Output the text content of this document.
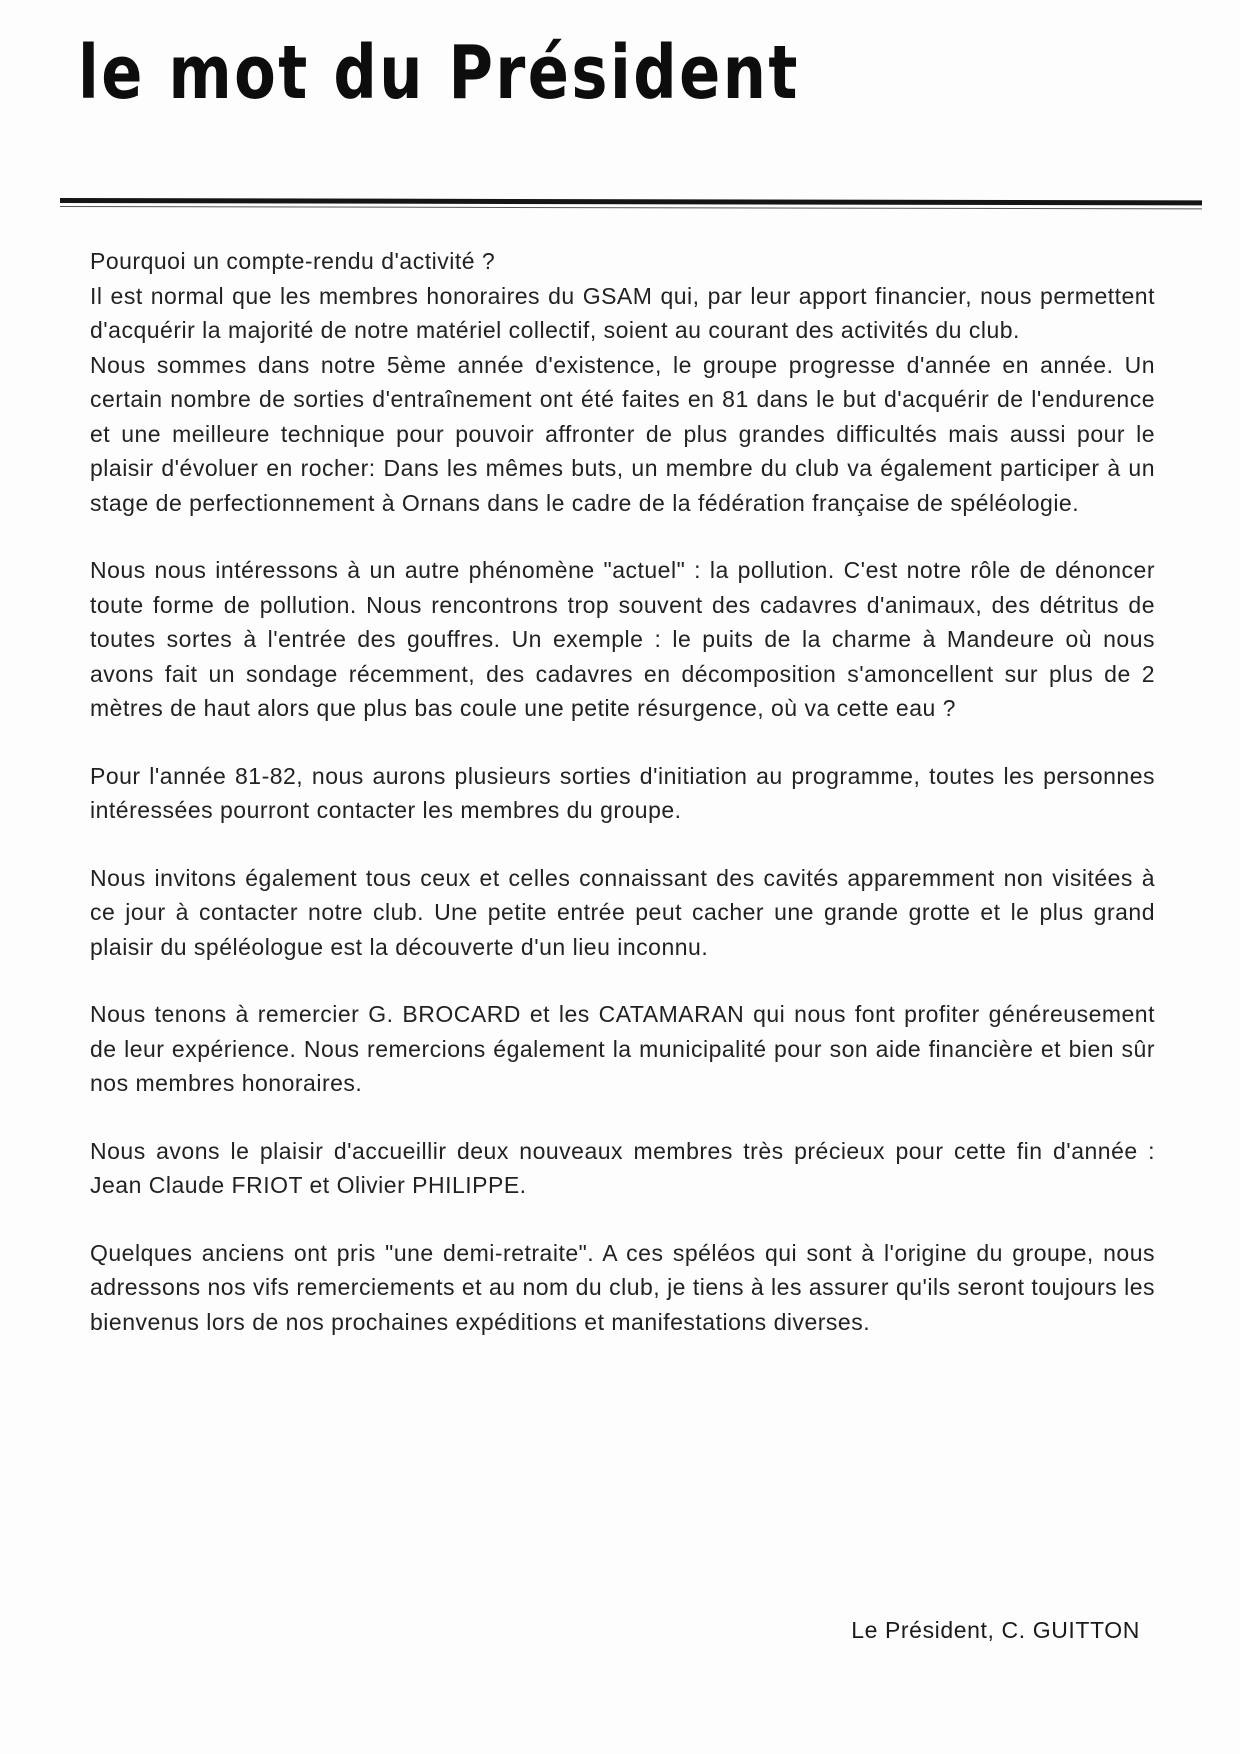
le mot du Président

Pourquoi un compte-rendu d'activité ?

Il est normal que les membres honoraires du GSAM qui, par leur apport financier, nous permettent d'acquérir la majorité de notre matériel collectif, soient au courant des activités du club.

Nous sommes dans notre 5ème année d'existence, le groupe progresse d'année en année. Un certain nombre de sorties d'entraînement ont été faites en 81 dans le but d'acquérir de l'endurence et une meilleure technique pour pouvoir affronter de plus grandes difficultés mais aussi pour le plaisir d'évoluer en rocher: Dans les mêmes buts, un membre du club va également participer à un stage de perfectionnement à Ornans dans le cadre de la fédération française de spéléologie.

Nous nous intéressons à un autre phénomène "actuel" : la pollution. C'est notre rôle de dénoncer toute forme de pollution. Nous rencontrons trop souvent des cadavres d'animaux, des détritus de toutes sortes à l'entrée des gouffres. Un exemple : le puits de la charme à Mandeure où nous avons fait un sondage récemment, des cadavres en décomposition s'amoncellent sur plus de 2 mètres de haut alors que plus bas coule une petite résurgence, où va cette eau ?

Pour l'année 81-82, nous aurons plusieurs sorties d'initiation au programme, toutes les personnes intéressées pourront contacter les membres du groupe.

Nous invitons également tous ceux et celles connaissant des cavités apparemment non visitées à ce jour à contacter notre club. Une petite entrée peut cacher une grande grotte et le plus grand plaisir du spéléologue est la découverte d'un lieu inconnu.

Nous tenons à remercier G. BROCARD et les CATAMARAN qui nous font profiter généreusement de leur expérience. Nous remercions également la municipalité pour son aide financière et bien sûr nos membres honoraires.

Nous avons le plaisir d'accueillir deux nouveaux membres très précieux pour cette fin d'année : Jean Claude FRIOT et Olivier PHILIPPE.

Quelques anciens ont pris "une demi-retraite". A ces spéléos qui sont à l'origine du groupe, nous adressons nos vifs remerciements et au nom du club, je tiens à les assurer qu'ils seront toujours les bienvenus lors de nos prochaines expéditions et manifestations diverses.

Le Président, C. GUITTON
